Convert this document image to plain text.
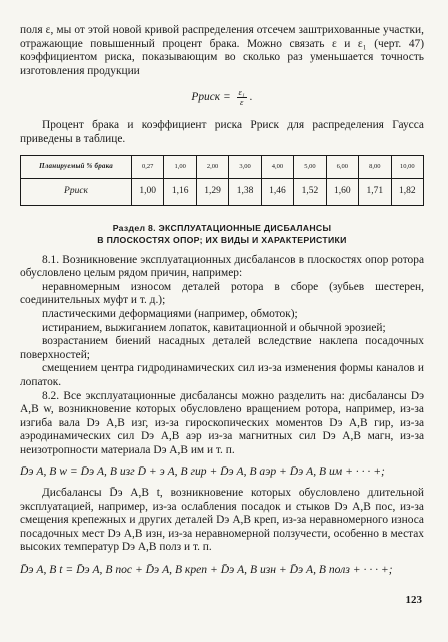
поля ε, мы от этой новой кривой распределения отсечем заштрихованные участки, отражающие повышенный процент брака. Можно связать ε и ε₁ (черт. 47) коэффициентом риска, показывающим во сколько раз уменьшается точность изготовления продукции

Pриск = $\frac{\text{ε₁}}{\varepsilon}$ .

Процент брака и коэффициент риска Pриск для распределения Гаусса приведены в таблице.

Планируемый % брака	0,27	1,00	2,00	3,00	4,00	5,00	6,00	8,00	10,00
Pриск	1,00	1,16	1,29	1,38	1,46	1,52	1,60	1,71	1,82
Раздел 8. ЭКСПЛУАТАЦИОННЫЕ ДИСБАЛАНСЫ
В ПЛОСКОСТЯХ ОПОР; ИХ ВИДЫ И ХАРАКТЕРИСТИКИ

8.1. Возникновение эксплуатационных дисбалансов в плоскостях опор ротора обусловлено целым рядом причин, например:

неравномерным износом деталей ротора в сборе (зубьев шестерен, соединительных муфт и т. д.);

пластическими деформациями (например, обмоток);

истиранием, выжиганием лопаток, кавитационной и обычной эрозией;

возрастанием биений насадных деталей вследствие наклепа посадочных поверхностей;

смещением центра гидродинамических сил из-за изменения формы каналов и лопаток.

8.2. Все эксплуатационные дисбалансы можно разделить на: дисбалансы Dэ А,В w, возникновение которых обусловлено вращением ротора, например, из-за изгиба вала Dэ А,В изг, из-за гироскопических моментов Dэ А,В гир, из-за аэродинамических сил Dэ А,В аэр из-за магнитных сил Dэ А,В магн, из-за неизотропности материала Dэ А,В им и т. п.

D̄э А, В w = D̄э А, В изг D̄ + э А, В гир + D̄э А, В аэр + D̄э А, В им + · · · +;

Дисбалансы D̄э А,В t, возникновение которых обусловлено длительной эксплуатацией, например, из-за ослабления посадок и стыков Dэ А,В пос, из-за смещения крепежных и других деталей Dэ А,В креп, из-за неравномерного износа посадочных мест Dэ А,В изн, из-за неравномерной ползучести, особенно в местах высоких температур Dэ А,В полз и т. п.

D̄э А, В t = D̄э А, В пос + D̄э А, В креп + D̄э А, В изн + D̄э А, В полз + · · · +;
123
